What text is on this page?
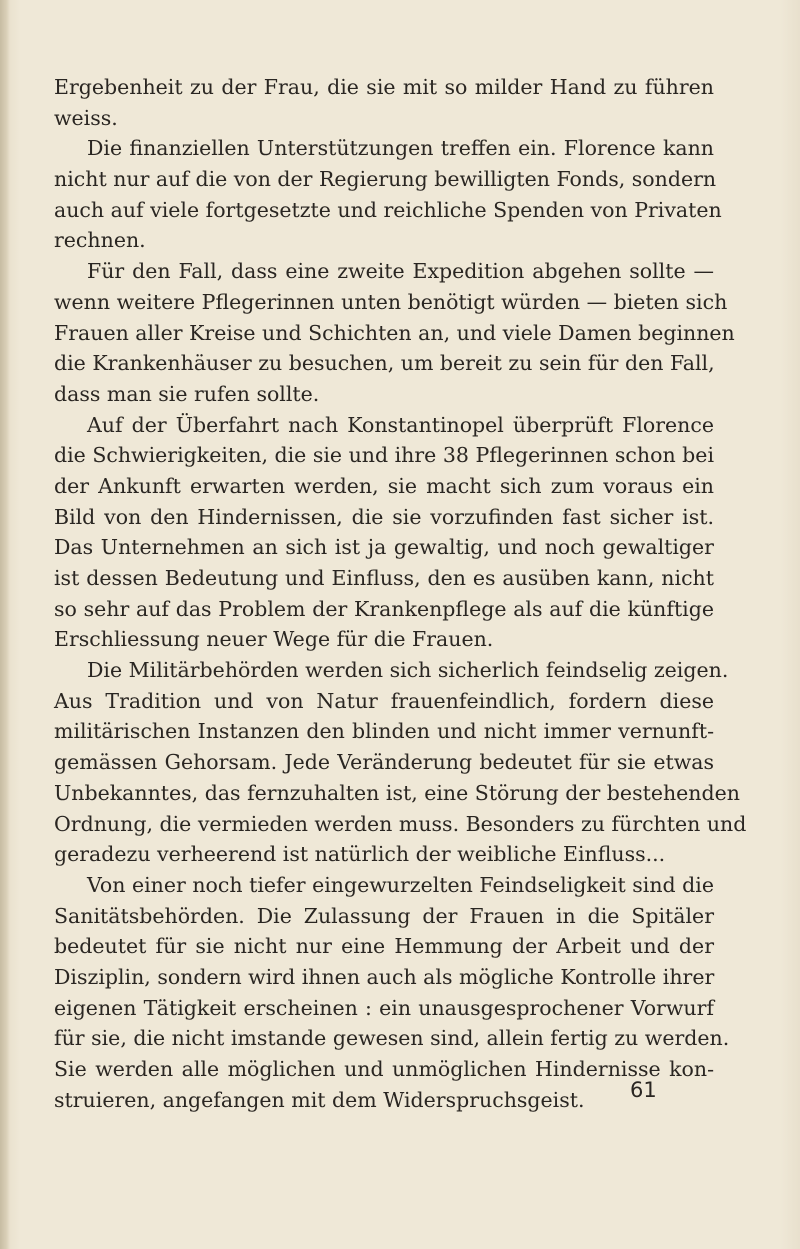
Ergebenheit zu der Frau, die sie mit so milder Hand zu führen
weiss.
Die finanziellen Unterstützungen treffen ein. Florence kann
nicht nur auf die von der Regierung bewilligten Fonds, sondern
auch auf viele fortgesetzte und reichliche Spenden von Privaten
rechnen.
Für den Fall, dass eine zweite Expedition abgehen sollte —
wenn weitere Pflegerinnen unten benötigt würden — bieten sich
Frauen aller Kreise und Schichten an, und viele Damen beginnen
die Krankenhäuser zu besuchen, um bereit zu sein für den Fall,
dass man sie rufen sollte.
Auf der Überfahrt nach Konstantinopel überprüft Florence
die Schwierigkeiten, die sie und ihre 38 Pflegerinnen schon bei
der Ankunft erwarten werden, sie macht sich zum voraus ein
Bild von den Hindernissen, die sie vorzufinden fast sicher ist.
Das Unternehmen an sich ist ja gewaltig, und noch gewaltiger
ist dessen Bedeutung und Einfluss, den es ausüben kann, nicht
so sehr auf das Problem der Krankenpflege als auf die künftige
Erschliessung neuer Wege für die Frauen.
Die Militärbehörden werden sich sicherlich feindselig zeigen.
Aus Tradition und von Natur frauenfeindlich, fordern diese
militärischen Instanzen den blinden und nicht immer vernunft-
gemässen Gehorsam. Jede Veränderung bedeutet für sie etwas
Unbekanntes, das fernzuhalten ist, eine Störung der bestehenden
Ordnung, die vermieden werden muss. Besonders zu fürchten und
geradezu verheerend ist natürlich der weibliche Einfluss...
Von einer noch tiefer eingewurzelten Feindseligkeit sind die
Sanitätsbehörden. Die Zulassung der Frauen in die Spitäler
bedeutet für sie nicht nur eine Hemmung der Arbeit und der
Disziplin, sondern wird ihnen auch als mögliche Kontrolle ihrer
eigenen Tätigkeit erscheinen : ein unausgesprochener Vorwurf
für sie, die nicht imstande gewesen sind, allein fertig zu werden.
Sie werden alle möglichen und unmöglichen Hindernisse kon-
struieren, angefangen mit dem Widerspruchsgeist.	61
